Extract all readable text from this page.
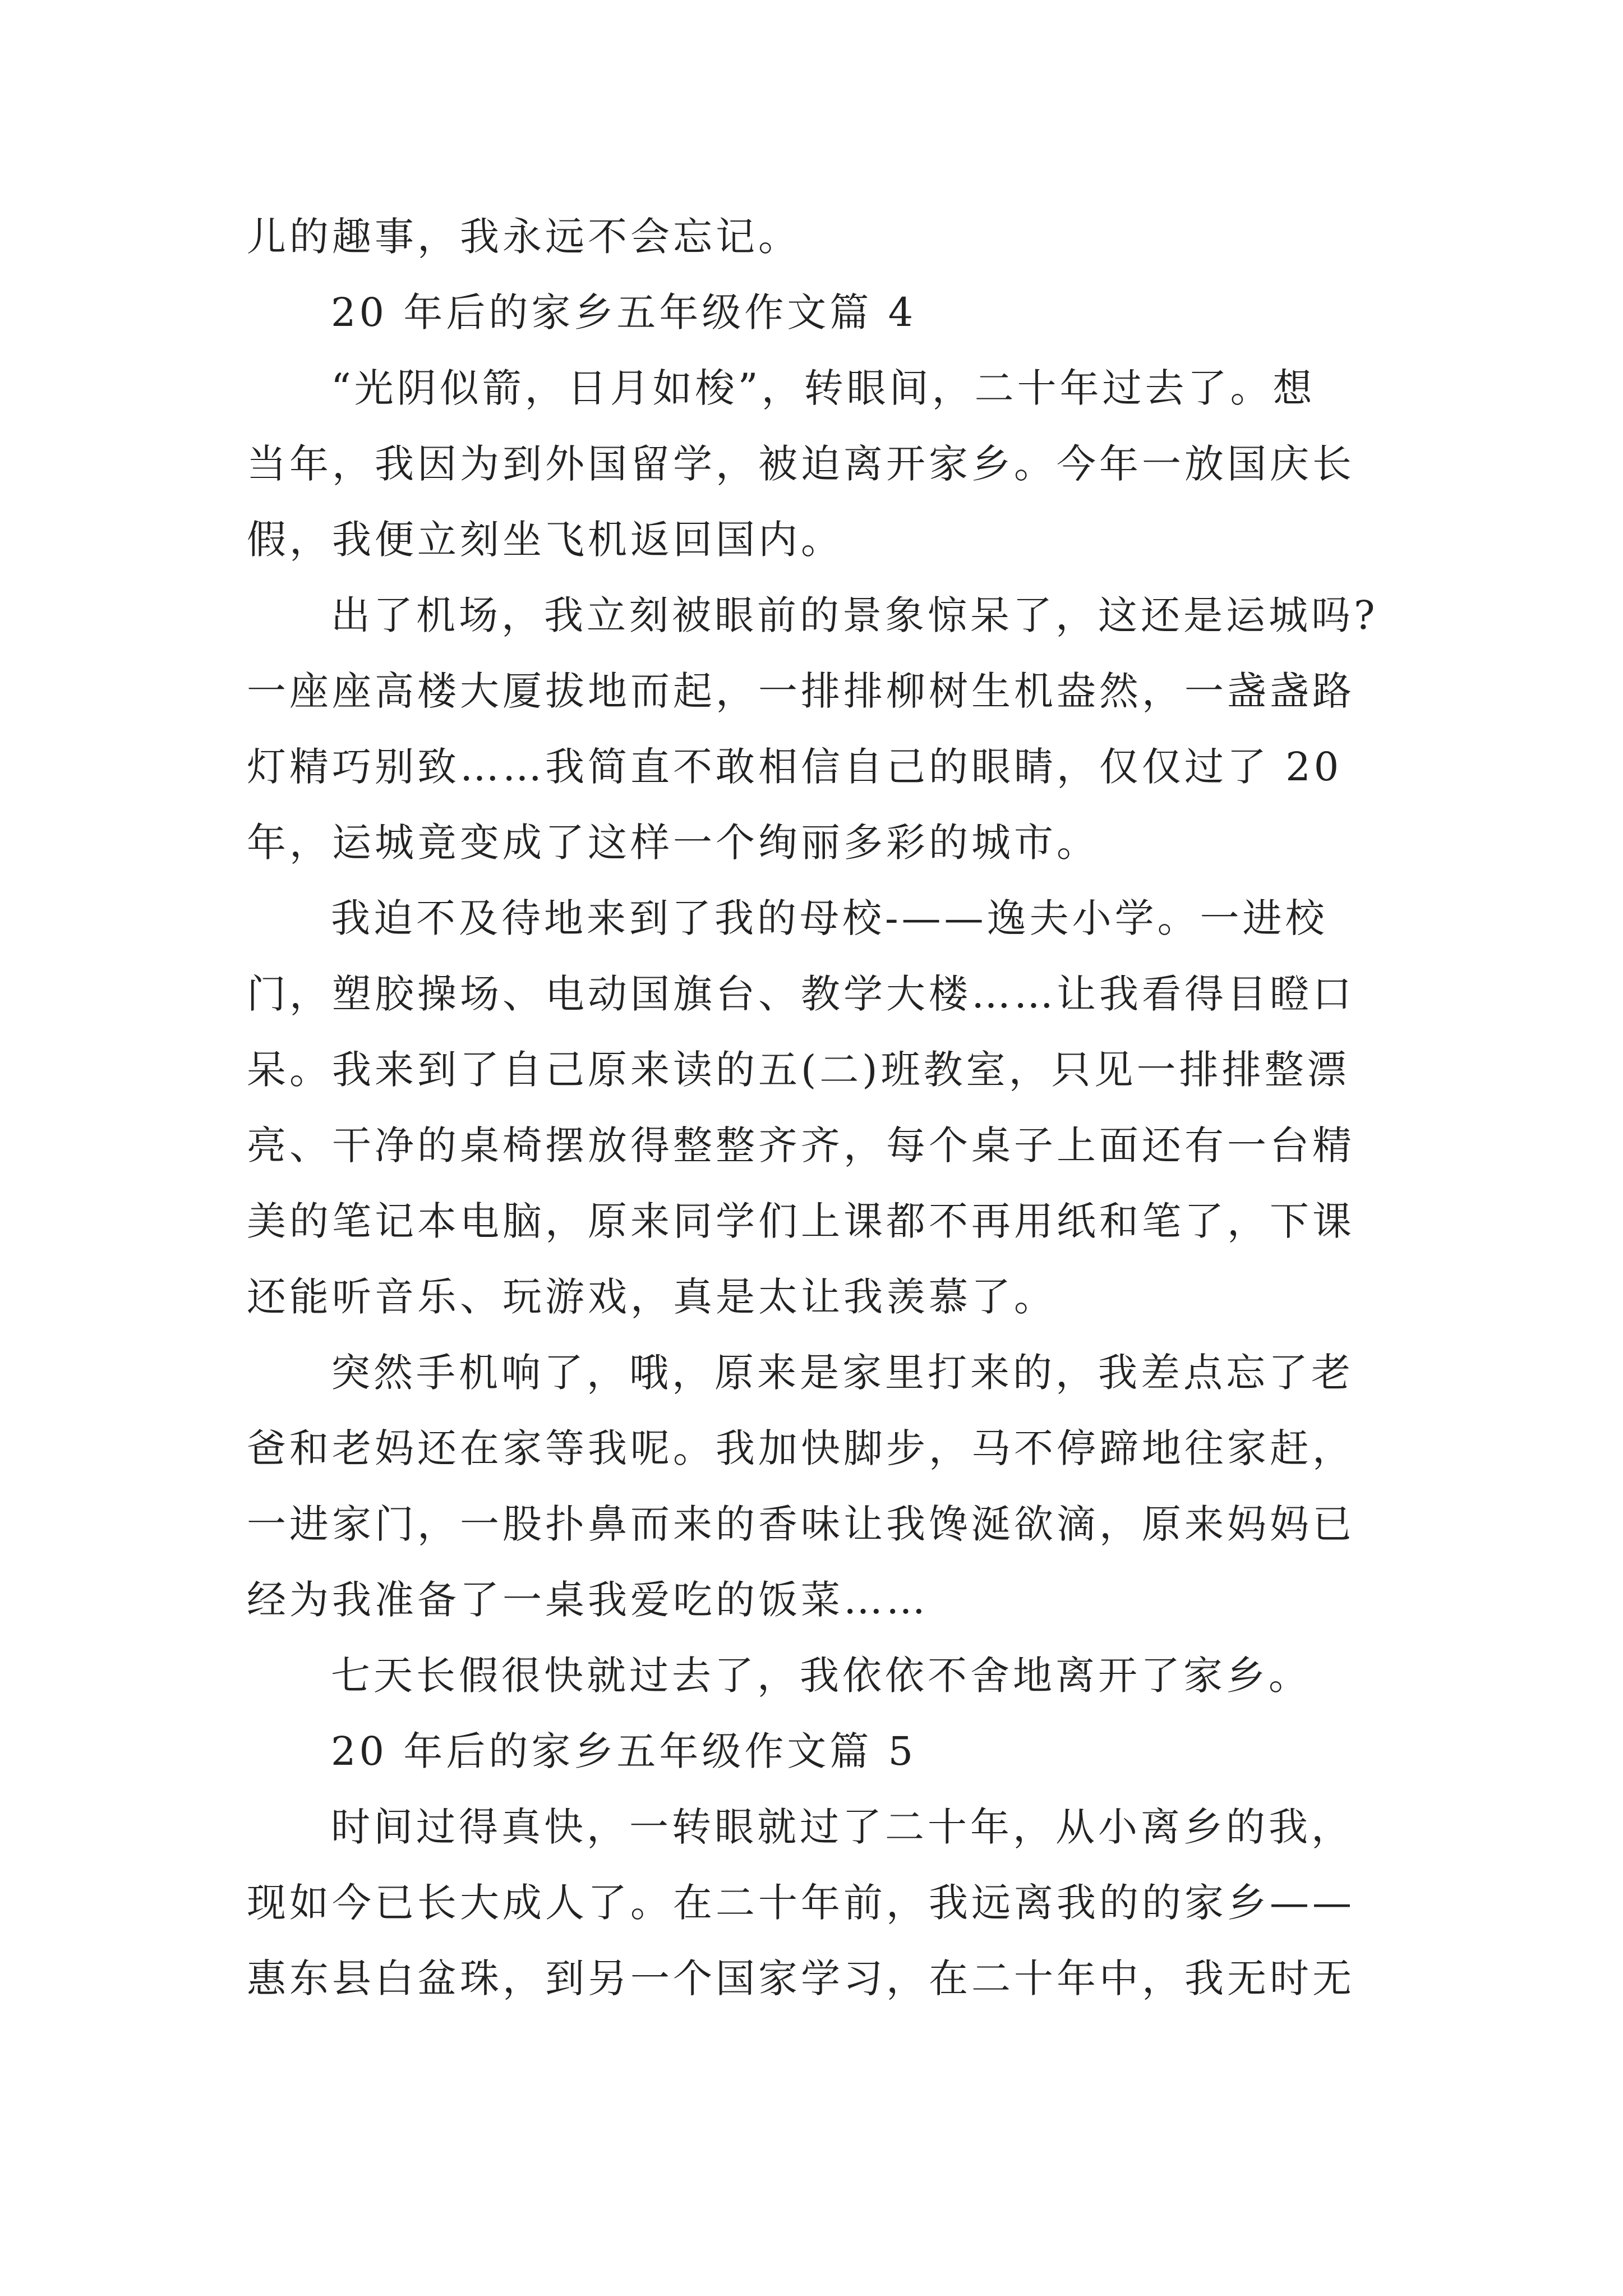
儿的趣事，我永远不会忘记。
20 年后的家乡五年级作文篇 4
“光阴似箭，日月如梭”，转眼间，二十年过去了。想
当年，我因为到外国留学，被迫离开家乡。今年一放国庆长
假，我便立刻坐飞机返回国内。
出了机场，我立刻被眼前的景象惊呆了，这还是运城吗?
一座座高楼大厦拔地而起，一排排柳树生机盎然，一盏盏路
灯精巧别致……我简直不敢相信自己的眼睛，仅仅过了 20
年，运城竟变成了这样一个绚丽多彩的城市。
我迫不及待地来到了我的母校-——逸夫小学。一进校
门，塑胶操场、电动国旗台、教学大楼……让我看得目瞪口
呆。我来到了自己原来读的五(二)班教室，只见一排排整漂
亮、干净的桌椅摆放得整整齐齐，每个桌子上面还有一台精
美的笔记本电脑，原来同学们上课都不再用纸和笔了，下课
还能听音乐、玩游戏，真是太让我羡慕了。
突然手机响了，哦，原来是家里打来的，我差点忘了老
爸和老妈还在家等我呢。我加快脚步，马不停蹄地往家赶，
一进家门，一股扑鼻而来的香味让我馋涎欲滴，原来妈妈已
经为我准备了一桌我爱吃的饭菜……
七天长假很快就过去了，我依依不舍地离开了家乡。
20 年后的家乡五年级作文篇 5
时间过得真快，一转眼就过了二十年，从小离乡的我，
现如今已长大成人了。在二十年前，我远离我的的家乡——
惠东县白盆珠，到另一个国家学习，在二十年中，我无时无
